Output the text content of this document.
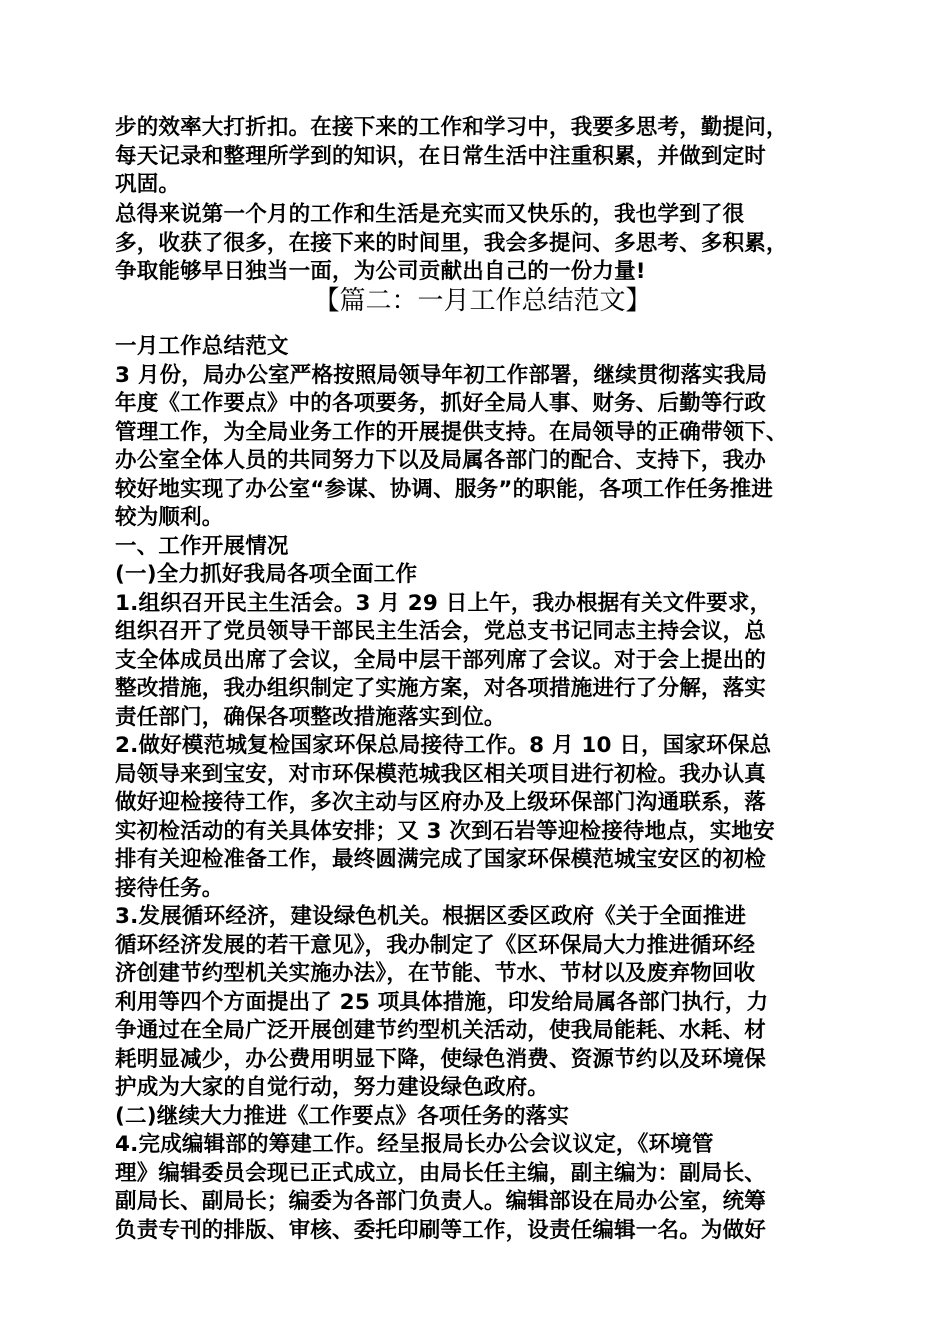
步的效率大打折扣。在接下来的工作和学习中，我要多思考，勤提问，
每天记录和整理所学到的知识，在日常生活中注重积累，并做到定时
巩固。
总得来说第一个月的工作和生活是充实而又快乐的，我也学到了很
多，收获了很多，在接下来的时间里，我会多提问、多思考、多积累，
争取能够早日独当一面，为公司贡献出自己的一份力量!
【篇二：一月工作总结范文】
一月工作总结范文
3 月份，局办公室严格按照局领导年初工作部署，继续贯彻落实我局
年度《工作要点》中的各项要务，抓好全局人事、财务、后勤等行政
管理工作，为全局业务工作的开展提供支持。在局领导的正确带领下、
办公室全体人员的共同努力下以及局属各部门的配合、支持下，我办
较好地实现了办公室“参谋、协调、服务”的职能，各项工作任务推进
较为顺利。
一、工作开展情况
(一)全力抓好我局各项全面工作
1.组织召开民主生活会。3 月 29 日上午，我办根据有关文件要求，
组织召开了党员领导干部民主生活会，党总支书记同志主持会议，总
支全体成员出席了会议，全局中层干部列席了会议。对于会上提出的
整改措施，我办组织制定了实施方案，对各项措施进行了分解，落实
责任部门，确保各项整改措施落实到位。
2.做好模范城复检国家环保总局接待工作。8 月 10 日，国家环保总
局领导来到宝安，对市环保模范城我区相关项目进行初检。我办认真
做好迎检接待工作，多次主动与区府办及上级环保部门沟通联系，落
实初检活动的有关具体安排；又 3 次到石岩等迎检接待地点，实地安
排有关迎检准备工作，最终圆满完成了国家环保模范城宝安区的初检
接待任务。
3.发展循环经济，建设绿色机关。根据区委区政府《关于全面推进
循环经济发展的若干意见》，我办制定了《区环保局大力推进循环经
济创建节约型机关实施办法》，在节能、节水、节材以及废弃物回收
利用等四个方面提出了 25 项具体措施，印发给局属各部门执行，力
争通过在全局广泛开展创建节约型机关活动，使我局能耗、水耗、材
耗明显减少，办公费用明显下降，使绿色消费、资源节约以及环境保
护成为大家的自觉行动，努力建设绿色政府。
(二)继续大力推进《工作要点》各项任务的落实
4.完成编辑部的筹建工作。经呈报局长办公会议议定，《环境管
理》编辑委员会现已正式成立，由局长任主编，副主编为：副局长、
副局长、副局长；编委为各部门负责人。编辑部设在局办公室，统筹
负责专刊的排版、审核、委托印刷等工作，设责任编辑一名。为做好
